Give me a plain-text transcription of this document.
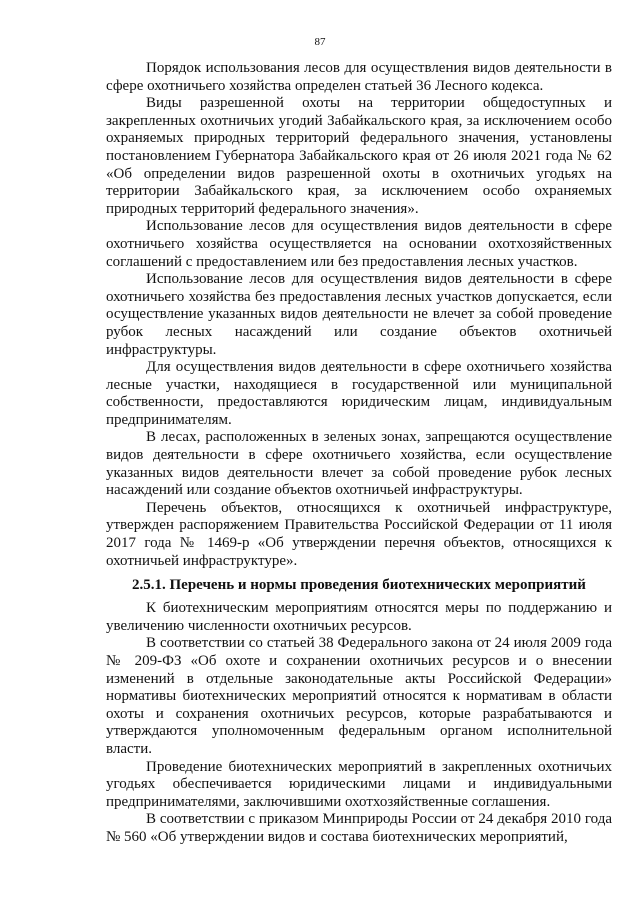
87

Порядок использования лесов для осуществления видов деятельности в сфере охотничьего хозяйства определен статьей 36 Лесного кодекса.

Виды разрешенной охоты на территории общедоступных и закрепленных охотничьих угодий Забайкальского края, за исключением особо охраняемых природных территорий федерального значения, установлены постановлением Губернатора Забайкальского края от 26 июля 2021 года № 62 «Об определении видов разрешенной охоты в охотничьих угодьях на территории Забайкальского края, за исключением особо охраняемых природных территорий федерального значения».

Использование лесов для осуществления видов деятельности в сфере охотничьего хозяйства осуществляется на основании охотхозяйственных соглашений с предоставлением или без предоставления лесных участков.

Использование лесов для осуществления видов деятельности в сфере охотничьего хозяйства без предоставления лесных участков допускается, если осуществление указанных видов деятельности не влечет за собой проведение рубок лесных насаждений или создание объектов охотничьей инфраструктуры.

Для осуществления видов деятельности в сфере охотничьего хозяйства лесные участки, находящиеся в государственной или муниципальной собственности, предоставляются юридическим лицам, индивидуальным предпринимателям.

В лесах, расположенных в зеленых зонах, запрещаются осуществление видов деятельности в сфере охотничьего хозяйства, если осуществление указанных видов деятельности влечет за собой проведение рубок лесных насаждений или создание объектов охотничьей инфраструктуры.

Перечень объектов, относящихся к охотничьей инфраструктуре, утвержден распоряжением Правительства Российской Федерации от 11 июля 2017 года № 1469-р «Об утверждении перечня объектов, относящихся к охотничьей инфраструктуре».

2.5.1. Перечень и нормы проведения биотехнических мероприятий

К биотехническим мероприятиям относятся меры по поддержанию и увеличению численности охотничьих ресурсов.

В соответствии со статьей 38 Федерального закона от 24 июля 2009 года № 209-ФЗ «Об охоте и сохранении охотничьих ресурсов и о внесении изменений в отдельные законодательные акты Российской Федерации» нормативы биотехнических мероприятий относятся к нормативам в области охоты и сохранения охотничьих ресурсов, которые разрабатываются и утверждаются уполномоченным федеральным органом исполнительной власти.

Проведение биотехнических мероприятий в закрепленных охотничьих угодьях обеспечивается юридическими лицами и индивидуальными предпринимателями, заключившими охотхозяйственные соглашения.

В соответствии с приказом Минприроды России от 24 декабря 2010 года № 560 «Об утверждении видов и состава биотехнических мероприятий,
